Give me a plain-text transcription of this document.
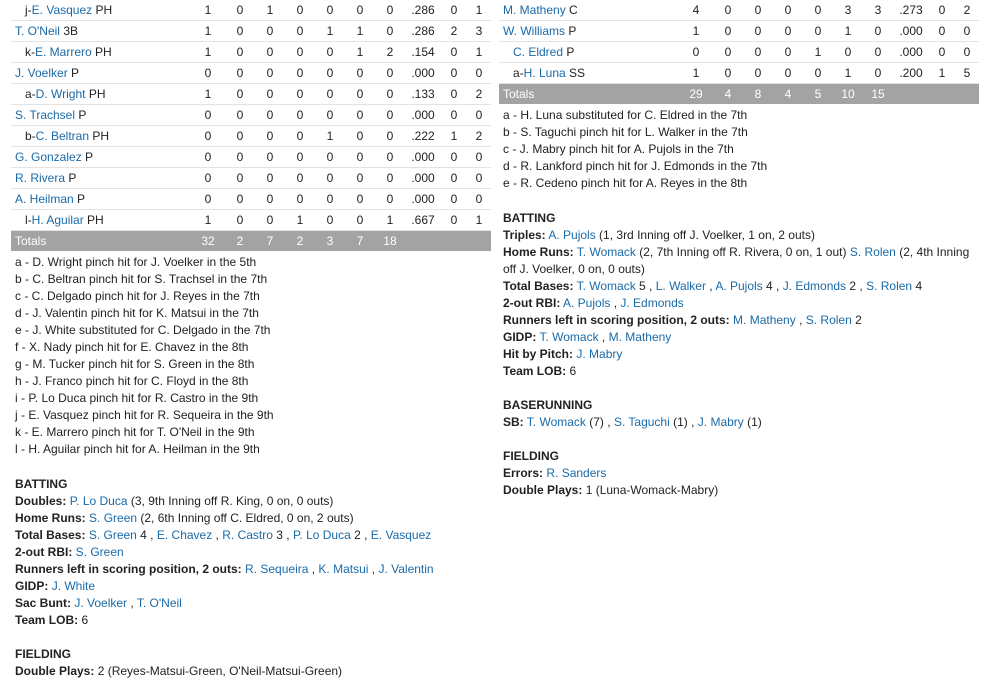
j-E. Vasquez PH	1	0	1	0	0	0	0	.286	0	1
T. O'Neil 3B	1	0	0	0	1	1	0	.286	2	3
k-E. Marrero PH	1	0	0	0	0	1	2	.154	0	1
J. Voelker P	0	0	0	0	0	0	0	.000	0	0
a-D. Wright PH	1	0	0	0	0	0	0	.133	0	2
S. Trachsel P	0	0	0	0	0	0	0	.000	0	0
b-C. Beltran PH	0	0	0	0	1	0	0	.222	1	2
G. Gonzalez P	0	0	0	0	0	0	0	.000	0	0
R. Rivera P	0	0	0	0	0	0	0	.000	0	0
A. Heilman P	0	0	0	0	0	0	0	.000	0	0
l-H. Aguilar PH	1	0	0	1	0	0	1	.667	0	1
Totals	32	2	7	2	3	7	18			
a - D. Wright pinch hit for J. Voelker in the 5th
b - C. Beltran pinch hit for S. Trachsel in the 7th
c - C. Delgado pinch hit for J. Reyes in the 7th
d - J. Valentin pinch hit for K. Matsui in the 7th
e - J. White substituted for C. Delgado in the 7th
f - X. Nady pinch hit for E. Chavez in the 8th
g - M. Tucker pinch hit for S. Green in the 8th
h - J. Franco pinch hit for C. Floyd in the 8th
i - P. Lo Duca pinch hit for R. Castro in the 9th
j - E. Vasquez pinch hit for R. Sequeira in the 9th
k - E. Marrero pinch hit for T. O'Neil in the 9th
l - H. Aguilar pinch hit for A. Heilman in the 9th
BATTING
Doubles: P. Lo Duca (3, 9th Inning off R. King, 0 on, 0 outs)
Home Runs: S. Green (2, 6th Inning off C. Eldred, 0 on, 2 outs)
Total Bases: S. Green 4 , E. Chavez , R. Castro 3 , P. Lo Duca 2 , E. Vasquez
2-out RBI: S. Green
Runners left in scoring position, 2 outs: R. Sequeira , K. Matsui , J. Valentin
GIDP: J. White
Sac Bunt: J. Voelker , T. O'Neil
Team LOB: 6
FIELDING
Double Plays: 2 (Reyes-Matsui-Green, O'Neil-Matsui-Green)
M. Matheny C	4	0	0	0	0	3	3	.273	0	2
W. Williams P	1	0	0	0	0	1	0	.000	0	0
C. Eldred P	0	0	0	0	1	0	0	.000	0	0
a-H. Luna SS	1	0	0	0	0	1	0	.200	1	5
Totals	29	4	8	4	5	10	15			
a - H. Luna substituted for C. Eldred in the 7th
b - S. Taguchi pinch hit for L. Walker in the 7th
c - J. Mabry pinch hit for A. Pujols in the 7th
d - R. Lankford pinch hit for J. Edmonds in the 7th
e - R. Cedeno pinch hit for A. Reyes in the 8th
BATTING
Triples: A. Pujols (1, 3rd Inning off J. Voelker, 1 on, 2 outs)
Home Runs: T. Womack (2, 7th Inning off R. Rivera, 0 on, 1 out) S. Rolen (2, 4th Inning off J. Voelker, 0 on, 0 outs)
Total Bases: T. Womack 5 , L. Walker , A. Pujols 4 , J. Edmonds 2 , S. Rolen 4
2-out RBI: A. Pujols , J. Edmonds
Runners left in scoring position, 2 outs: M. Matheny , S. Rolen 2
GIDP: T. Womack , M. Matheny
Hit by Pitch: J. Mabry
Team LOB: 6
BASERUNNING
SB: T. Womack (7) , S. Taguchi (1) , J. Mabry (1)
FIELDING
Errors: R. Sanders
Double Plays: 1 (Luna-Womack-Mabry)
